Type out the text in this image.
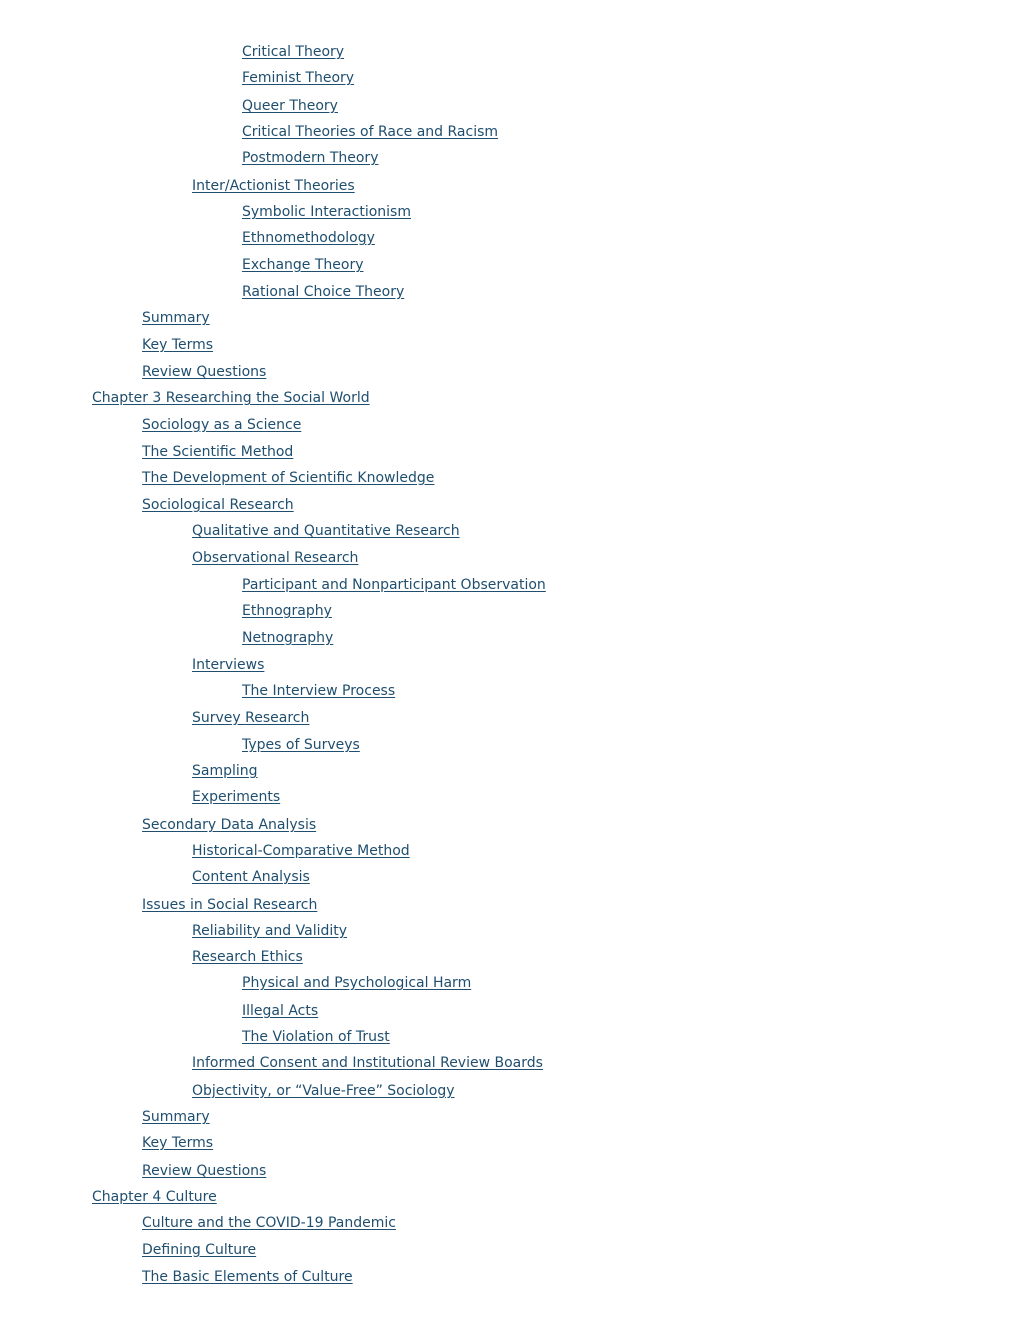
Critical Theory
Feminist Theory
Queer Theory
Critical Theories of Race and Racism
Postmodern Theory
Inter/Actionist Theories
Symbolic Interactionism
Ethnomethodology
Exchange Theory
Rational Choice Theory
Summary
Key Terms
Review Questions
Chapter 3 Researching the Social World
Sociology as a Science
The Scientific Method
The Development of Scientific Knowledge
Sociological Research
Qualitative and Quantitative Research
Observational Research
Participant and Nonparticipant Observation
Ethnography
Netnography
Interviews
The Interview Process
Survey Research
Types of Surveys
Sampling
Experiments
Secondary Data Analysis
Historical-Comparative Method
Content Analysis
Issues in Social Research
Reliability and Validity
Research Ethics
Physical and Psychological Harm
Illegal Acts
The Violation of Trust
Informed Consent and Institutional Review Boards
Objectivity, or “Value-Free” Sociology
Summary
Key Terms
Review Questions
Chapter 4 Culture
Culture and the COVID-19 Pandemic
Defining Culture
The Basic Elements of Culture
